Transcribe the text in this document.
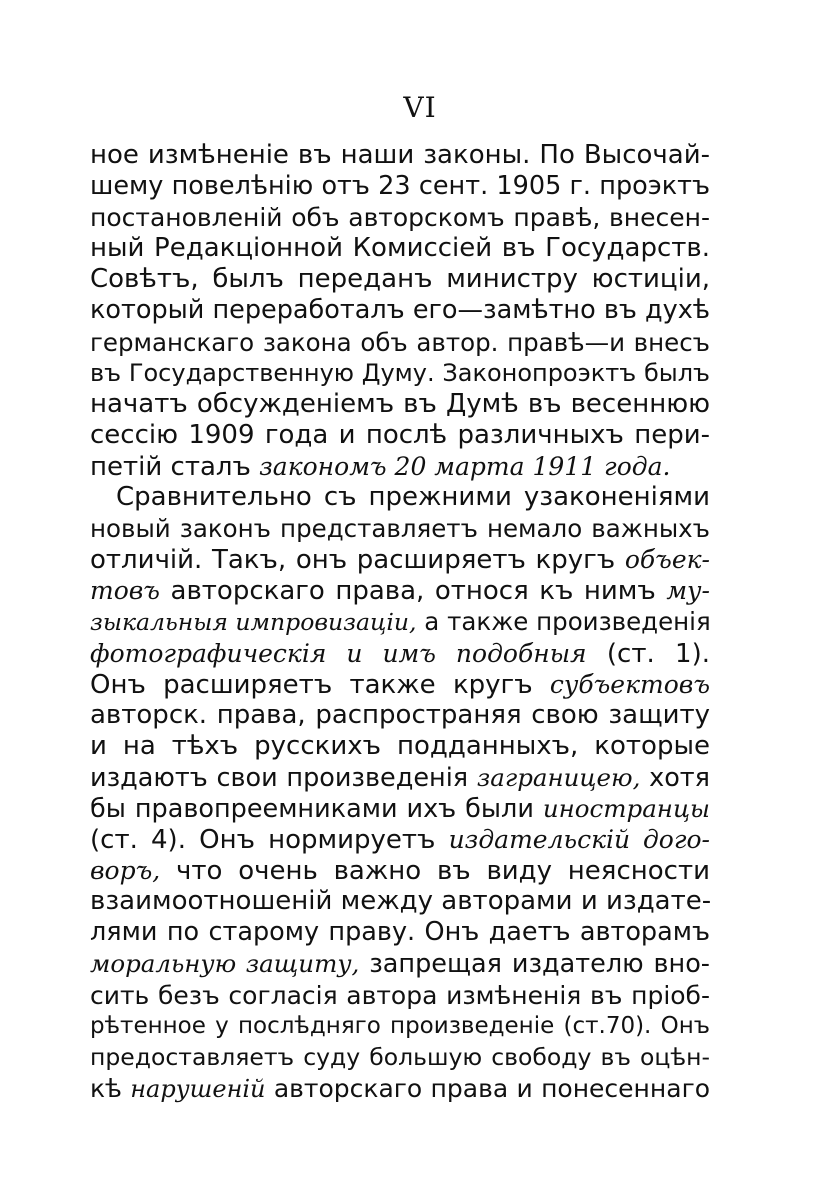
VI
ное измѣненіе въ наши законы. По Высочай-
шему повелѣнію отъ 23 сент. 1905 г. проэктъ
постановленій объ авторскомъ правѣ, внесен-
ный Редакціонной Комиссіей въ Государств.
Совѣтъ, былъ переданъ министру юстиціи,
который переработалъ его—замѣтно въ духѣ
германскаго закона объ автор. правѣ—и внесъ
въ Государственную Думу. Законопроэктъ былъ
начатъ обсужденіемъ въ Думѣ въ весеннюю
сессію 1909 года и послѣ различныхъ пери-
петій сталъ закономъ 20 марта 1911 года.
Сравнительно съ прежними узаконеніями
новый законъ представляетъ немало важныхъ
отличій. Такъ, онъ расширяетъ кругъ объек-
товъ авторскаго права, относя къ нимъ му-
зыкальныя импровизаціи, а также произведенія
фотографическія и имъ подобныя (ст. 1).
Онъ расширяетъ также кругъ субъектовъ
авторск. права, распространяя свою защиту
и на тѣхъ русскихъ подданныхъ, которые
издаютъ свои произведенія заграницею, хотя
бы правопреемниками ихъ были иностранцы
(ст. 4). Онъ нормируетъ издательскій дого-
воръ, что очень важно въ виду неясности
взаимоотношеній между авторами и издате-
лями по старому праву. Онъ даетъ авторамъ
моральную защиту, запрещая издателю вно-
сить безъ согласія автора измѣненія въ пріоб-
рѣтенное у послѣдняго произведеніе (ст.70). Онъ
предоставляетъ суду большую свободу въ оцѣн-
кѣ нарушеній авторскаго права и понесеннаго
